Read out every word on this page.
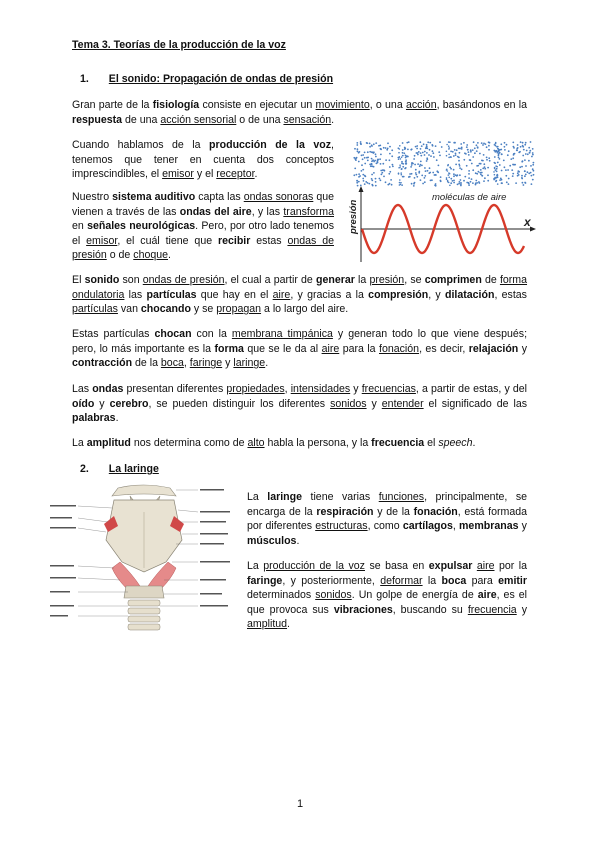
Tema 3. Teorías de la producción de la voz
1. El sonido: Propagación de ondas de presión

Gran parte de la fisiología consiste en ejecutar un movimiento, o una acción, basándonos en la respuesta de una acción sensorial o de una sensación.

Cuando hablamos de la producción de la voz, tenemos que tener en cuenta dos conceptos imprescindibles, el emisor y el receptor.

Nuestro sistema auditivo capta las ondas sonoras que vienen a través de las ondas del aire, y las transforma en señales neurológicas. Pero, por otro lado tenemos el emisor, el cuál tiene que recibir estas ondas de presión o de choque.

moléculas de aire
presión	x

El sonido son ondas de presión, el cual a partir de generar la presión, se comprimen de forma ondulatoria las partículas que hay en el aire, y gracias a la compresión, y dilatación, estas partículas van chocando y se propagan a lo largo del aire.

Estas partículas chocan con la membrana timpánica y generan todo lo que viene después; pero, lo más importante es la forma que se le da al aire para la fonación, es decir, relajación y contracción de la boca, faringe y laringe.

Las ondas presentan diferentes propiedades, intensidades y frecuencias, a partir de estas, y del oído y cerebro, se pueden distinguir los diferentes sonidos y entender el significado de las palabras.

La amplitud nos determina como de alto habla la persona, y la frecuencia el speech.

2. La laringe

La laringe tiene varias funciones, principalmente, se encarga de la respiración y de la fonación, está formada por diferentes estructuras, como cartílagos, membranas y músculos.

La producción de la voz se basa en expulsar aire por la faringe, y posteriormente, deformar la boca para emitir determinados sonidos. Un golpe de energía de aire, es el que provoca sus vibraciones, buscando su frecuencia y amplitud.

1
